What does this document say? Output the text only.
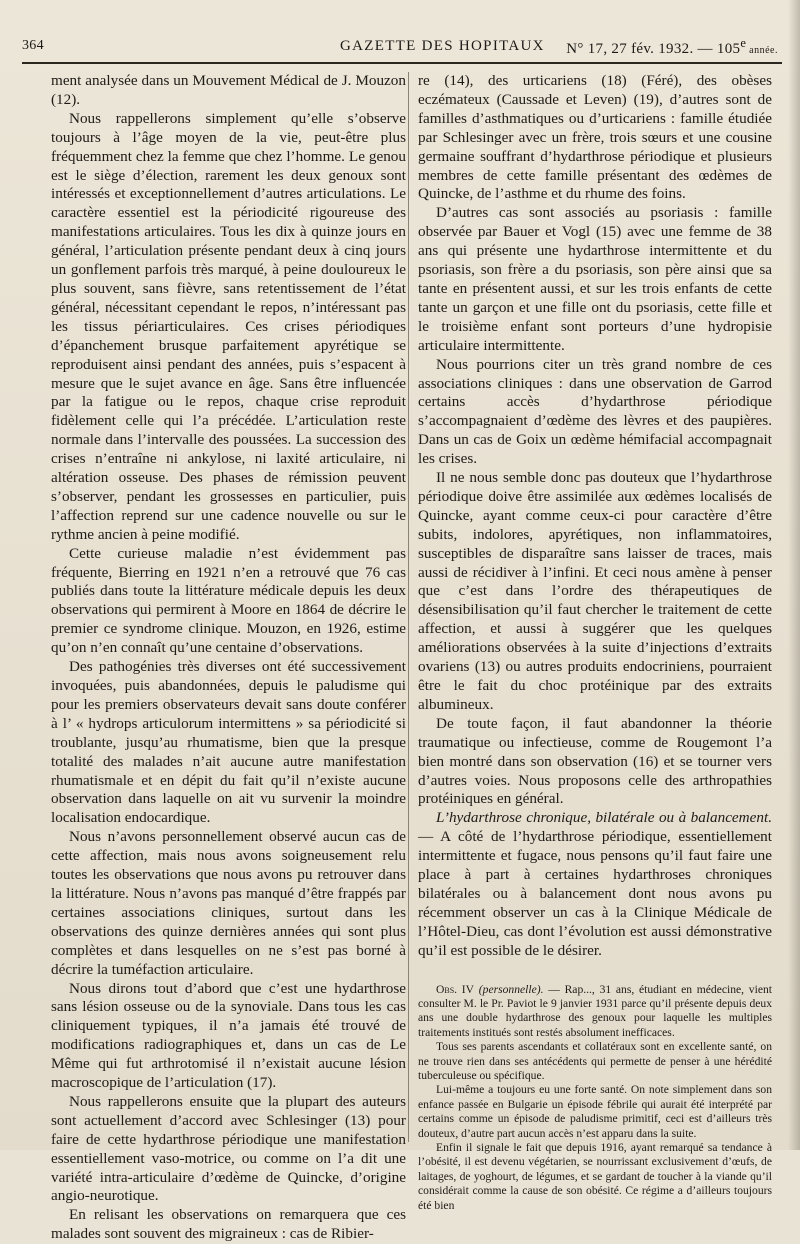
364	GAZETTE DES HOPITAUX N° 17, 27 fév. 1932. — 105e année.

ment analysée dans un Mouvement Médical de J. Mouzon (12).

Nous rappellerons simplement qu’elle s’observe toujours à l’âge moyen de la vie, peut-être plus fréquemment chez la femme que chez l’homme. Le genou est le siège d’élection, rarement les deux genoux sont intéressés et exceptionnellement d’autres articulations. Le caractère essentiel est la périodicité rigoureuse des manifestations articulaires. Tous les dix à quinze jours en général, l’articulation présente pendant deux à cinq jours un gonflement parfois très marqué, à peine douloureux le plus souvent, sans fièvre, sans retentissement de l’état général, nécessitant cependant le repos, n’intéressant pas les tissus périarticulaires. Ces crises périodiques d’épanchement brusque parfaitement apyrétique se reproduisent ainsi pendant des années, puis s’espacent à mesure que le sujet avance en âge. Sans être influencée par la fatigue ou le repos, chaque crise reproduit fidèlement celle qui l’a précédée. L’articulation reste normale dans l’intervalle des poussées. La succession des crises n’entraîne ni ankylose, ni laxité articulaire, ni altération osseuse. Des phases de rémission peuvent s’observer, pendant les grossesses en particulier, puis l’affection reprend sur une cadence nouvelle ou sur le rythme ancien à peine modifié.

Cette curieuse maladie n’est évidemment pas fréquente, Bierring en 1921 n’en a retrouvé que 76 cas publiés dans toute la littérature médicale depuis les deux observations qui permirent à Moore en 1864 de décrire le premier ce syndrome clinique. Mouzon, en 1926, estime qu’on n’en connaît qu’une centaine d’observations.

Des pathogénies très diverses ont été successivement invoquées, puis abandonnées, depuis le paludisme qui pour les premiers observateurs devait sans doute conférer à l’ « hydrops articulorum intermittens » sa périodicité si troublante, jusqu’au rhumatisme, bien que la presque totalité des malades n’ait aucune autre manifestation rhumatismale et en dépit du fait qu’il n’existe aucune observation dans laquelle on ait vu survenir la moindre localisation endocardique.

Nous n’avons personnellement observé aucun cas de cette affection, mais nous avons soigneusement relu toutes les observations que nous avons pu retrouver dans la littérature. Nous n’avons pas manqué d’être frappés par certaines associations cliniques, surtout dans les observations des quinze dernières années qui sont plus complètes et dans lesquelles on ne s’est pas borné à décrire la tuméfaction articulaire.

Nous dirons tout d’abord que c’est une hydarthrose sans lésion osseuse ou de la synoviale. Dans tous les cas cliniquement typiques, il n’a jamais été trouvé de modifications radiographiques et, dans un cas de Le Même qui fut arthrotomisé il n’existait aucune lésion macroscopique de l’articulation (17).

Nous rappellerons ensuite que la plupart des auteurs sont actuellement d’accord avec Schlesinger (13) pour faire de cette hydarthrose périodique une manifestation essentiellement vaso-motrice, ou comme on l’a dit une variété intra-articulaire d’œdème de Quincke, d’origine angio-neurotique.

En relisant les observations on remarquera que ces malades sont souvent des migraineux : cas de Ribier-

re (14), des urticariens (18) (Féré), des obèses eczémateux (Caussade et Leven) (19), d’autres sont de familles d’asthmatiques ou d’urticariens : famille étudiée par Schlesinger avec un frère, trois sœurs et une cousine germaine souffrant d’hydarthrose périodique et plusieurs membres de cette famille présentant des œdèmes de Quincke, de l’asthme et du rhume des foins.

D’autres cas sont associés au psoriasis : famille observée par Bauer et Vogl (15) avec une femme de 38 ans qui présente une hydarthrose intermittente et du psoriasis, son frère a du psoriasis, son père ainsi que sa tante en présentent aussi, et sur les trois enfants de cette tante un garçon et une fille ont du psoriasis, cette fille et le troisième enfant sont porteurs d’une hydropisie articulaire intermittente.

Nous pourrions citer un très grand nombre de ces associations cliniques : dans une observation de Garrod certains accès d’hydarthrose périodique s’accompagnaient d’œdème des lèvres et des paupières. Dans un cas de Goix un œdème hémifacial accompagnait les crises.

Il ne nous semble donc pas douteux que l’hydarthrose périodique doive être assimilée aux œdèmes localisés de Quincke, ayant comme ceux-ci pour caractère d’être subits, indolores, apyrétiques, non inflammatoires, susceptibles de disparaître sans laisser de traces, mais aussi de récidiver à l’infini. Et ceci nous amène à penser que c’est dans l’ordre des thérapeutiques de désensibilisation qu’il faut chercher le traitement de cette affection, et aussi à suggérer que les quelques améliorations observées à la suite d’injections d’extraits ovariens (13) ou autres produits endocriniens, pourraient être le fait du choc protéinique par des extraits albumineux.

De toute façon, il faut abandonner la théorie traumatique ou infectieuse, comme de Rougemont l’a bien montré dans son observation (16) et se tourner vers d’autres voies. Nous proposons celle des arthropathies protéiniques en général.

L’hydarthrose chronique, bilatérale ou à balancement. — A côté de l’hydarthrose périodique, essentiellement intermittente et fugace, nous pensons qu’il faut faire une place à part à certaines hydarthroses chroniques bilatérales ou à balancement dont nous avons pu récemment observer un cas à la Clinique Médicale de l’Hôtel-Dieu, cas dont l’évolution est aussi démonstrative qu’il est possible de le désirer.

Obs. IV (personnelle). — Rap..., 31 ans, étudiant en médecine, vient consulter M. le Pr. Paviot le 9 janvier 1931 parce qu’il présente depuis deux ans une double hydarthrose des genoux pour laquelle les multiples traitements institués sont restés absolument inefficaces.

Tous ses parents ascendants et collatéraux sont en excellente santé, on ne trouve rien dans ses antécédents qui permette de penser à une hérédité tuberculeuse ou spécifique.

Lui-même a toujours eu une forte santé. On note simplement dans son enfance passée en Bulgarie un épisode fébrile qui aurait été interprété par certains comme un épisode de paludisme primitif, ceci est d’ailleurs très douteux, d’autre part aucun accès n’est apparu dans la suite.

Enfin il signale le fait que depuis 1916, ayant remarqué sa tendance à l’obésité, il est devenu végétarien, se nourrissant exclusivement d’œufs, de laitages, de yoghourt, de légumes, et se gardant de toucher à la viande qu’il considérait comme la cause de son obésité. Ce régime a d’ailleurs toujours été bien
